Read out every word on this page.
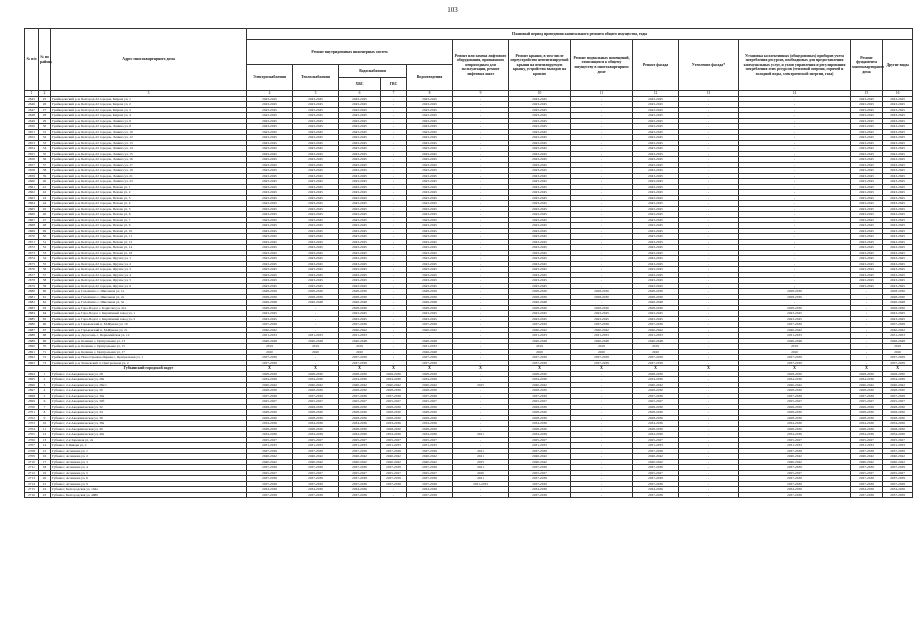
103
№ п/п	№ по району	Адрес многоквартирного дома	Плановый период проведения капитального ремонта общего имущества, годы												
			Ремонт внутридомовых инженерных систем					Ремонт или замена лифтового оборудования, признанного непригодным для эксплуатации, ремонт лифтовых шахт	Ремонт крыши, в том числе переустройство невентилируемой крыши на вентилируемую крышу, устройство выходов на кровлю	Ремонт подвальных помещений, относящихся к общему имуществу в многоквартирном доме	Ремонт фасада	Утепление фасада*	Установка коллективных (общедомовых) приборов учета потребления ресурсов, необходимых для предоставления коммунальных услуг, и узлов управления и регулирования потребления этих ресурсов (тепловой энергии, горячей и холодной воды, электрической энергии, газа)	Ремонт фундамента многоквартирного дома	Другие виды
			Электроснабжения	Теплоснабжения	Водоснабжения		Водоотведения								
					ХВС	ГВС									
1	2	3	4	5	6	7	8	9	10	11	12	13	14	15	16
2645	25	Грайворонский р-н, Белгород-22 городок, Кирова ул, 1	2043-2045	2043-2045	2043-2045	-	2043-2045	-	2043-2045	-	2043-2045	-	-	2043-2045	2043-2045
2646	26	Грайворонский р-н, Белгород-22 городок, Кирова ул, 2	2043-2045	2043-2045	2043-2045	-	2043-2045	-	2043-2045	-	2043-2045	-	-	2043-2045	2043-2045
2647	27	Грайворонский р-н, Белгород-22 городок, Кирова ул, 3	2043-2045	2043-2045	2043-2045	-	2043-2045	-	2043-2045	-	2043-2045	-	-	2043-2045	2043-2045
2648	28	Грайворонский р-н, Белгород-22 городок, Кирова ул, 4	2043-2045	2043-2045	2043-2045	-	2043-2045	-	2043-2045	-	2043-2045	-	-	2043-2045	2043-2045
2649	29	Грайворонский р-н, Белгород-22 городок, Ленина ул, 6	2043-2045	2043-2045	2043-2045	-	2043-2045	-	2043-2045	-	2043-2045	-	-	2043-2045	2043-2045
2650	30	Грайворонский р-н, Белгород-22 городок, Ленина ул, 8	2043-2045	2043-2045	2043-2045	-	2043-2045	-	2043-2045	-	2043-2045	-	-	2043-2045	2043-2045
2651	31	Грайворонский р-н, Белгород-22 городок, Ленина ул, 10	2043-2045	2043-2045	2043-2045	-	2043-2045	-	2043-2045	-	2043-2045	-	-	2043-2045	2043-2045
2652	32	Грайворонский р-н, Белгород-22 городок, Ленина ул, 12	2043-2045	2043-2045	2043-2045	-	2043-2045	-	2043-2045	-	2043-2045	-	-	2043-2045	2043-2045
2653	33	Грайворонский р-н, Белгород-22 городок, Ленина ул, 13	2043-2045	2043-2045	2043-2045	-	2043-2045	-	2043-2045	-	2043-2045	-	-	2043-2045	2043-2045
2654	34	Грайворонский р-н, Белгород-22 городок, Ленина ул, 14	2043-2045	2043-2045	2043-2045	-	2043-2045	-	2043-2045	-	2043-2045	-	-	2043-2045	2043-2045
2655	35	Грайворонский р-н, Белгород-22 городок, Ленина ул, 15	2043-2045	2043-2045	2043-2045	-	2043-2045	-	2043-2045	-	2043-2045	-	-	2043-2045	2043-2045
2656	36	Грайворонский р-н, Белгород-22 городок, Ленина ул, 16	2043-2045	2043-2045	2043-2045	-	2043-2045	-	2043-2045	-	2043-2045	-	-	2043-2045	2043-2045
2657	37	Грайворонский р-н, Белгород-22 городок, Ленина ул, 17	2043-2045	2043-2045	2043-2045	-	2043-2045	-	2043-2045	-	2043-2045	-	-	2043-2045	2043-2045
2658	38	Грайворонский р-н, Белгород-22 городок, Ленина ул, 19	2043-2045	2043-2045	2043-2045	-	2043-2045	-	2043-2045	-	2043-2045	-	-	2043-2045	2043-2045
2659	39	Грайворонский р-н, Белгород-22 городок, Ленина ул, 21	2043-2045	2043-2045	2043-2045	-	2043-2045	-	2043-2045	-	2043-2045	-	-	2043-2045	2043-2045
2660	40	Грайворонский р-н, Белгород-22 городок, Ленина ул, 23	2043-2045	2043-2045	2043-2045	-	2043-2045	-	2043-2045	-	2043-2045	-	-	2043-2045	2043-2045
2661	41	Грайворонский р-н, Белгород-22 городок, Пехова ул, 1	2043-2045	2043-2045	2043-2045	-	2043-2045	-	2043-2045	-	2043-2045	-	-	2043-2045	2043-2045
2662	42	Грайворонский р-н, Белгород-22 городок, Пехова ул, 2	2043-2045	2043-2045	2043-2045	-	2043-2045	-	2043-2045	-	2043-2045	-	-	2043-2045	2043-2045
2663	43	Грайворонский р-н, Белгород-22 городок, Пехова ул, 3	2043-2045	2043-2045	2043-2045	-	2043-2045	-	2043-2045	-	2043-2045	-	-	2043-2045	2043-2045
2664	44	Грайворонский р-н, Белгород-22 городок, Пехова ул, 4	2043-2045	2043-2045	2043-2045	-	2043-2045	-	2043-2045	-	2043-2045	-	-	2043-2045	2043-2045
2665	45	Грайворонский р-н, Белгород-22 городок, Пехова ул, 5	2043-2045	2043-2045	2043-2045	-	2043-2045	-	2043-2045	-	2043-2045	-	-	2043-2045	2043-2045
2666	46	Грайворонский р-н, Белгород-22 городок, Пехова ул, 6	2043-2045	2043-2045	2043-2045	-	2043-2045	-	2043-2045	-	2043-2045	-	-	2043-2045	2043-2045
2667	47	Грайворонский р-н, Белгород-22 городок, Пехова ул, 7	2043-2045	2043-2045	2043-2045	-	2043-2045	-	2043-2045	-	2043-2045	-	-	2043-2045	2043-2045
2668	48	Грайворонский р-н, Белгород-22 городок, Пехова ул, 9	2043-2045	2043-2045	2043-2045	-	2043-2045	-	2043-2045	-	2043-2045	-	-	2043-2045	2043-2045
2669	49	Грайворонский р-н, Белгород-22 городок, Пехова ул, 10	2043-2045	2043-2045	2043-2045	-	2043-2045	-	2043-2045	-	2043-2045	-	-	2043-2045	2043-2045
2670	50	Грайворонский р-н, Белгород-22 городок, Пехова ул, 11	2043-2045	2043-2045	2043-2045	-	2043-2045	-	2043-2045	-	2043-2045	-	-	2043-2045	2043-2045
2671	51	Грайворонский р-н, Белгород-22 городок, Пехова ул, 12	2043-2045	2043-2045	2043-2045	-	2043-2045	-	2043-2045	-	2043-2045	-	-	2043-2045	2043-2045
2672	52	Грайворонский р-н, Белгород-22 городок, Пехова ул, 14	2043-2045	2043-2045	2043-2045	-	2043-2045	-	2043-2045	-	2043-2045	-	-	2043-2045	2043-2045
2673	53	Грайворонский р-н, Белгород-22 городок, Пехова ул, 16	2043-2045	2043-2045	2043-2045	-	2043-2045	-	2043-2045	-	2043-2045	-	-	2043-2045	2043-2045
2674	54	Грайворонский р-н, Белгород-22 городок, Фрунзе ул, 1	2043-2045	2043-2045	2043-2045	-	2043-2045	-	2043-2045	-	2043-2045	-	-	2043-2045	2043-2045
2675	55	Грайворонский р-н, Белгород-22 городок, Фрунзе ул, 2	2043-2045	2043-2045	2043-2045	-	2043-2045	-	2043-2045	-	2043-2045	-	-	2043-2045	2043-2045
2676	56	Грайворонский р-н, Белгород-22 городок, Фрунзе ул, 3	2043-2045	2043-2045	2043-2045	-	2043-2045	-	2043-2045	-	2043-2045	-	-	2043-2045	2043-2045
2677	57	Грайворонский р-н, Белгород-22 городок, Фрунзе ул, 4	2043-2045	2043-2045	2043-2045	-	2043-2045	-	2043-2045	-	2043-2045	-	-	2043-2045	2043-2045
2678	58	Грайворонский р-н, Белгород-22 городок, Фрунзе ул, 5	2043-2045	2043-2045	2043-2045	-	2043-2045	-	2043-2045	-	2043-2045	-	-	2043-2045	2043-2045
2679	59	Грайворонский р-н, Белгород-22 городок, Фрунзе ул, 6	2043-2045	2043-2045	2043-2045	-	2043-2045	-	2043-2045	-	2043-2045	-	-	2043-2045	2043-2045
2680	60	Грайворонский р-н, Головчино с, Школьная ул, 1а	2028-2030	2028-2030	2028-2030	-	2028-2030	-	2028-2030	2028-2030	2028-2030	-	2028-2030	-	2028-2030
2681	61	Грайворонский р-н, Головчино с, Школьная ул, 2а	2028-2030	2028-2030	2028-2030	-	2028-2030	-	2028-2030	2028-2030	2028-2030	-	2028-2030	-	2028-2030
2682	62	Грайворонский р-н, Головчино с, Школьная ул, 3а	2046-2048	2046-2048	2046-2048	-	2046-2048	-	2046-2048	-	2046-2048	-	-	-	2046-2048
2683	63	Грайворонский р-н, Гора-Подол с, Борисова ул, 41а	2028-2030	-	2028-2030	-	2028-2030	-	2028-2030	2028-2030	2028-2030	-	2028-2030	-	2028-2030
2684	64	Грайворонский р-н, Гора-Подол с, Кирпичный завод ул, 1	2043-2045	-	2043-2045	-	2043-2045	-	2043-2045	2043-2045	2043-2045	-	2043-2045	-	2043-2045
2685	65	Грайворонский р-н, Гора-Подол с, Кирпичный завод ул, 2	2043-2045	-	2043-2045	-	2043-2045	-	2043-2045	2043-2045	2043-2045	-	2043-2045	-	2043-2045
2686	66	Грайворонский р-н, Горьковский п, М.Жукова ул, 19	2037-2039	-	2037-2039	-	2037-2039	-	2037-2039	2037-2039	2037-2039	-	2037-2039	-	2037-2039
2687	67	Грайворонский р-н, Горьковский п, М.Жукова ул, 21	2040-2042	-	2040-2042	-	2040-2042	-	2040-2042	2040-2042	2040-2042	-	2040-2042	-	2040-2042
2688	68	Грайворонский р-н, Дорогощь с, Первомайская ул, 12	2031-2033	2031-2033	2031-2033	-	-	-	2031-2033	2031-2033	2031-2033	-	2031-2033	-	2031-2033
2689	69	Грайворонский р-н, Козинка с, Центральная ул, 13	2046-2048	2046-2048	2046-2048	-	2046-2048	-	2046-2048	2046-2048	2046-2048	-	2046-2048	-	2046-2048
2690	70	Грайворонский р-н, Козинка с, Центральная ул, 15	2019	2019	2019	-	2031-2033	-	2019	2019	2019	-	2019	-	2019
2691	71	Грайворонский р-н, Козинка с, Центральная ул, 17	2020	2020	2020	-	2046-2048	-	2020	2020	2020	-	2020	-	2020
2692	72	Грайворонский р-н, Новостроевка-Первая с, Центральная ул, 1	2037-2039	-	2037-2039	-	2037-2039	-	2037-2039	2037-2039	2037-2039	-	2037-2039	-	2037-2039
2693	73	Грайворонский р-н, Чапаевский п, Центральная ул, 2	2037-2039	-	2037-2039	-	2037-2039	-	2037-2039	2037-2039	2037-2039	-	2037-2039	-	2037-2039
		Губкинский городской округ	X	X	X	X	X	X	X	X	X	X	X	X	X
2694	1	Губкин г, 2-я Академическая ул, 28	2028-2030	2028-2030	2028-2030	2028-2030	2028-2030	-	2028-2030	-	2028-2030	-	2028-2030	2028-2030	2028-2030
2695	2	Губкин г, 2-я Академическая ул, 28а	2034-2036	2034-2036	2034-2036	2034-2036	2034-2036	-	2034-2036	-	2034-2036	-	2034-2036	2034-2036	2034-2036
2696	3	Губкин г, 2-я Академическая ул, 28а/1	2040-2042	2040-2042	2040-2042	2040-2042	2040-2042	2025	2040-2042	-	2040-2042	-	2040-2042	2040-2042	2040-2042
2697	4	Губкин г, 2-я Академическая ул, 30	2028-2030	2028-2030	2028-2030	2028-2030	2028-2030	-	2028-2030	-	2028-2030	-	2028-2030	2028-2030	2028-2030
2698	5	Губкин г, 2-я Академическая ул, 30а	2037-2039	2037-2039	2037-2039	2037-2039	2037-2039	-	2037-2039	-	2037-2039	-	2037-2039	2037-2039	2037-2039
2699	6	Губкин г, 2-я Академическая ул, 30б	2025-2027	2025-2027	2025-2027	2025-2027	2025-2027	-	2025-2027	-	2025-2027	-	2025-2027	2025-2027	2025-2027
2700	7	Губкин г, 2-я Академическая ул, 32	2028-2030	2028-2030	2028-2030	2028-2030	2028-2030	-	2028-2030	-	2028-2030	-	2028-2030	2028-2030	2028-2030
2701	8	Губкин г, 2-я Академическая ул, 34	2028-2030	2028-2030	2028-2030	2028-2030	2028-2030	-	2028-2030	-	2028-2030	-	2028-2030	2028-2030	2028-2030
2702	9	Губкин г, 2-я Академическая ул, 36	2028-2030	2028-2030	2028-2030	2028-2030	2028-2030	-	2028-2030	-	2028-2030	-	2028-2030	2028-2030	2028-2030
2703	10	Губкин г, 2-я Академическая ул, 38а	2034-2036	2034-2036	2034-2036	2034-2036	2034-2036	-	2034-2036	-	2034-2036	-	2034-2036	2034-2036	2034-2036
2704	11	Губкин г, 2-я Академическая ул, 40	2028-2030	2028-2030	2028-2030	2028-2030	2028-2030	-	2028-2030	-	2028-2030	-	2028-2030	2028-2030	2028-2030
2705	12	Губкин г, 2-я Академическая ул, 40а	2034-2036	2034-2036	2034-2036	2034-2036	2034-2036	2021	2034-2036	-	2034-2036	-	2034-2036	2034-2036	2034-2036
2706	13	Губкин г, 2-я Заречная ул, 2а	2025-2027	2025-2027	2025-2027	2025-2027	2025-2027	-	2025-2027	-	2025-2027	-	2025-2027	2025-2027	2025-2027
2707	14	Губкин г, 9 Января ул, 2	2031-2033	2031-2033	2031-2033	2031-2033	2031-2033	-	2031-2033	-	2031-2033	-	2031-2033	2031-2033	2031-2033
2708	15	Губкин г, Агошкова ул, 1	2037-2039	2037-2039	2037-2039	2037-2039	2037-2039	2021	2037-2039	-	2037-2039	-	2037-2039	2037-2039	2037-2039
2709	16	Губкин г, Агошкова ул, 2	2040-2042	2040-2042	2040-2042	2040-2042	2040-2042	2021	2040-2042	-	2040-2042	-	2040-2042	2040-2042	2040-2042
2710	17	Губкин г, Агошкова ул, 3	2040-2042	2040-2042	2040-2042	2040-2042	2040-2042	2025	2040-2042	-	2040-2042	-	2040-2042	2040-2042	2040-2042
2711	18	Губкин г, Агошкова ул, 4	2037-2039	2037-2039	2037-2039	2037-2039	2037-2039	2021	2037-2039	-	2037-2039	-	2037-2039	2037-2039	2037-2039
2712	19	Губкин г, Агошкова ул, 5	2025-2027	2025-2027	2025-2027	2025-2027	2025-2027	2020	2025-2027	-	2025-2027	-	2025-2027	2025-2027	2025-2027
2713	20	Губкин г, Агошкова ул, 6	2037-2039	2037-2039	2037-2039	2037-2039	2037-2039	2021	2037-2039	-	2037-2039	-	2037-2039	2037-2039	2037-2039
2714	21	Губкин г, Агошкова ул, 9	2037-2039	2037-2039	2037-2039	2037-2039	2037-2039	2031-2033	2037-2039	-	2037-2039	-	2037-2039	2037-2039	2037-2039
2715	22	Губкин г, Белгородская ул, 104а	2034-2036	2034-2036	2034-2036	-	2034-2036	-	2034-2036	-	2034-2036	-	2034-2036	2034-2036	2034-2036
2716	23	Губкин г, Белгородская ул, 4680	2037-2039	2037-2039	2037-2039	-	2037-2039	-	2037-2039	-	2037-2039	-	2037-2039	2037-2039	2037-2039
